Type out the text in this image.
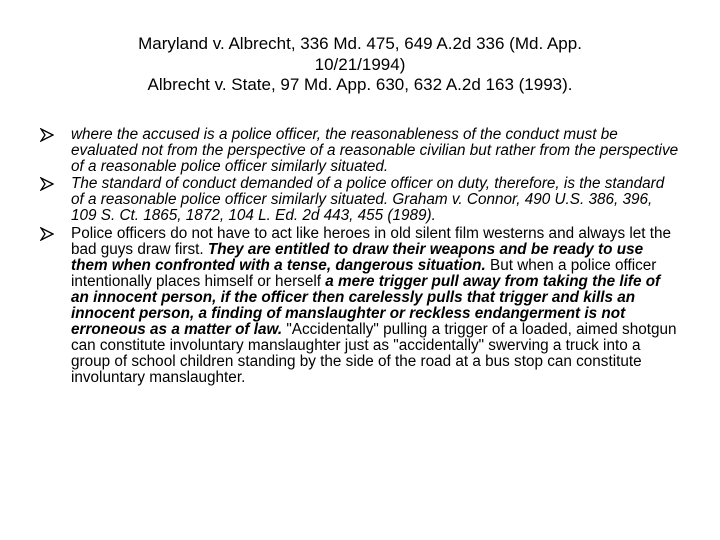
Maryland v. Albrecht, 336 Md. 475, 649 A.2d 336 (Md. App.
10/21/1994)
Albrecht v. State, 97 Md. App. 630, 632 A.2d 163 (1993).
where the accused is a police officer, the reasonableness of the conduct must be evaluated not from the perspective of a reasonable civilian but rather from the perspective of a reasonable police officer similarly situated.
The standard of conduct demanded of a police officer on duty, therefore, is the standard of a reasonable police officer similarly situated. Graham v. Connor, 490 U.S. 386, 396, 109 S. Ct. 1865, 1872, 104 L. Ed. 2d 443, 455 (1989).
Police officers do not have to act like heroes in old silent film westerns and always let the bad guys draw first. They are entitled to draw their weapons and be ready to use them when confronted with a tense, dangerous situation. But when a police officer intentionally places himself or herself a mere trigger pull away from taking the life of an innocent person, if the officer then carelessly pulls that trigger and kills an innocent person, a finding of manslaughter or reckless endangerment is not erroneous as a matter of law. "Accidentally" pulling a trigger of a loaded, aimed shotgun can constitute involuntary manslaughter just as "accidentally" swerving a truck into a group of school children standing by the side of the road at a bus stop can constitute involuntary manslaughter.
